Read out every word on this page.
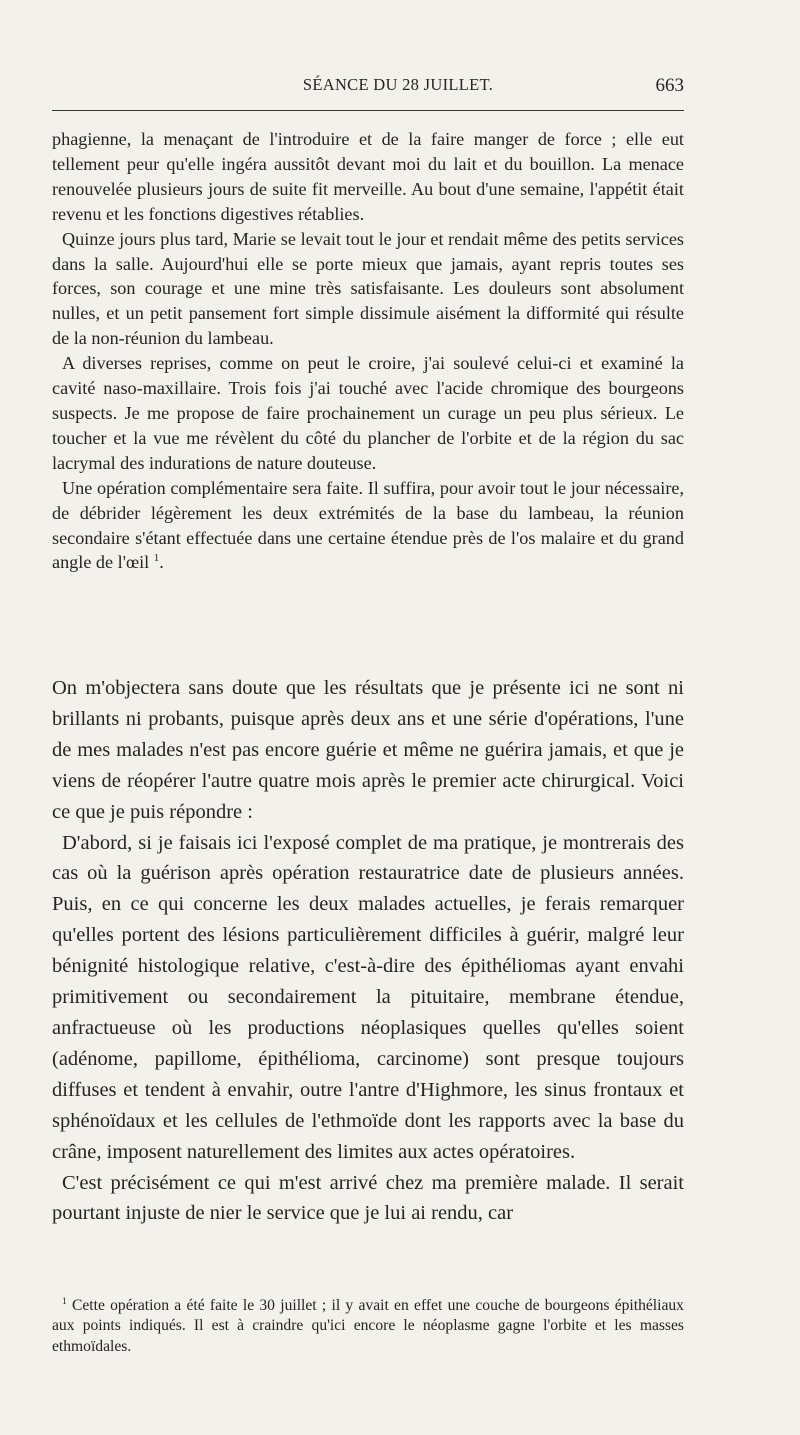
SÉANCE DU 28 JUILLET.	663

phagienne, la menaçant de l'introduire et de la faire manger de force ; elle eut tellement peur qu'elle ingéra aussitôt devant moi du lait et du bouillon. La menace renouvelée plusieurs jours de suite fit merveille. Au bout d'une semaine, l'appétit était revenu et les fonctions digestives rétablies.

Quinze jours plus tard, Marie se levait tout le jour et rendait même des petits services dans la salle. Aujourd'hui elle se porte mieux que jamais, ayant repris toutes ses forces, son courage et une mine très satisfaisante. Les douleurs sont absolument nulles, et un petit pansement fort simple dissimule aisément la difformité qui résulte de la non-réunion du lambeau.

A diverses reprises, comme on peut le croire, j'ai soulevé celui-ci et examiné la cavité naso-maxillaire. Trois fois j'ai touché avec l'acide chromique des bourgeons suspects. Je me propose de faire prochainement un curage un peu plus sérieux. Le toucher et la vue me révèlent du côté du plancher de l'orbite et de la région du sac lacrymal des indurations de nature douteuse.

Une opération complémentaire sera faite. Il suffira, pour avoir tout le jour nécessaire, de débrider légèrement les deux extrémités de la base du lambeau, la réunion secondaire s'étant effectuée dans une certaine étendue près de l'os malaire et du grand angle de l'œil $^1$.

On m'objectera sans doute que les résultats que je présente ici ne sont ni brillants ni probants, puisque après deux ans et une série d'opérations, l'une de mes malades n'est pas encore guérie et même ne guérira jamais, et que je viens de réopérer l'autre quatre mois après le premier acte chirurgical. Voici ce que je puis répondre :

D'abord, si je faisais ici l'exposé complet de ma pratique, je montrerais des cas où la guérison après opération restauratrice date de plusieurs années. Puis, en ce qui concerne les deux malades actuelles, je ferais remarquer qu'elles portent des lésions particulièrement difficiles à guérir, malgré leur bénignité histologique relative, c'est-à-dire des épithéliomas ayant envahi primitivement ou secondairement la pituitaire, membrane étendue, anfractueuse où les productions néoplasiques quelles qu'elles soient (adénome, papillome, épithélioma, carcinome) sont presque toujours diffuses et tendent à envahir, outre l'antre d'Highmore, les sinus frontaux et sphénoïdaux et les cellules de l'ethmoïde dont les rapports avec la base du crâne, imposent naturellement des limites aux actes opératoires.

C'est précisément ce qui m'est arrivé chez ma première malade. Il serait pourtant injuste de nier le service que je lui ai rendu, car

$^1$ Cette opération a été faite le 30 juillet ; il y avait en effet une couche de bourgeons épithéliaux aux points indiqués. Il est à craindre qu'ici encore le néoplasme gagne l'orbite et les masses ethmoïdales.
